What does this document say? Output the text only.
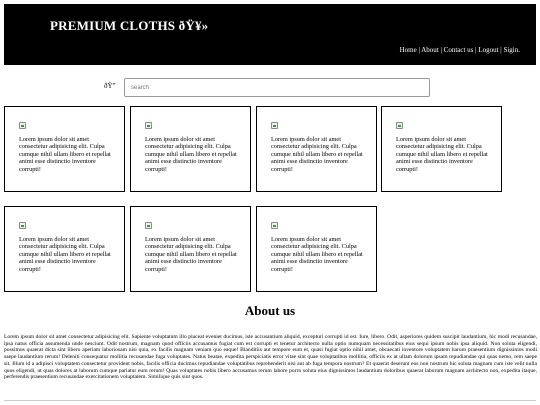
PREMIUM CLOTHS ðŸ¥»
Home | About | Contact us | Logout | Sigin.
ðŸ”
search
Lorem ipsum dolor sit amet consectetur adipisicing elit. Culpa cumque nihil ullam libero et repellat animi esse distinctio inventore corrupti!
Lorem ipsum dolor sit amet consectetur adipisicing elit. Culpa cumque nihil ullam libero et repellat animi esse distinctio inventore corrupti!
Lorem ipsum dolor sit amet consectetur adipisicing elit. Culpa cumque nihil ullam libero et repellat animi esse distinctio inventore corrupti!
Lorem ipsum dolor sit amet consectetur adipisicing elit. Culpa cumque nihil ullam libero et repellat animi esse distinctio inventore corrupti!
Lorem ipsum dolor sit amet consectetur adipisicing elit. Culpa cumque nihil ullam libero et repellat animi esse distinctio inventore corrupti!
Lorem ipsum dolor sit amet consectetur adipisicing elit. Culpa cumque nihil ullam libero et repellat animi esse distinctio inventore corrupti!
Lorem ipsum dolor sit amet consectetur adipisicing elit. Culpa cumque nihil ullam libero et repellat animi esse distinctio inventore corrupti!
About us

Lorem ipsum dolor sit amet consectetur adipisicing elit. Sapiente voluptatum illo placeat eveniet ducimus, iste accusantium aliquid, excepturi corrupti id est. Iure, libero. Odit, asperiores quidem suscipit laudantium, hic modi recusandae, ipsa natus officia assumenda unde nesciunt. Odit nostrum, magnam quod officiis accusamus fugiat cum est corrupti et tenetur architecto nulla optio numquam necessitatibus eius sequi ipsum nobis ipsa aliquid. Non soluta eligendi, possimus quaerat dicta sint libero aperiam laboriosam nisi quia, ex facilis magnam veniam quo eaque! Blanditiis aut tempore eum et, quasi fugiat optio nihil amet, obcaecati inventore voluptatem harum praesentium dignissimos modi saepe laudantium rerum! Deleniti consequatur mollitia recusandae fuga voluptates. Natus beatae, expedita perspiciatis error vitae sint quae voluptatibus mollitia, officiis ex at ullam dolorum ipsam repudiandae qui quas nemo, rem saepe sit. Illum id a adipisci voluptatem consectetur provident nobis, facilis officia ducimus repudiandae voluptatibus reprehenderit nisi aut ab fuga tempora nostrum? Et quaerat deserunt eos non nostrum hic soluta magnam cum iste velit nulla quos eligendi, ut quas dolores at laborum cumque pariatur eum rerum! Quas voluptates nobis libero accusamus rerum labore porro soluta eius dignissimos laudantium doloribus quaerat laborum magnam architecto non, expedita itaque, perferendis praesentium recusandae exercitationem voluptatem. Similique quis sint quos.
